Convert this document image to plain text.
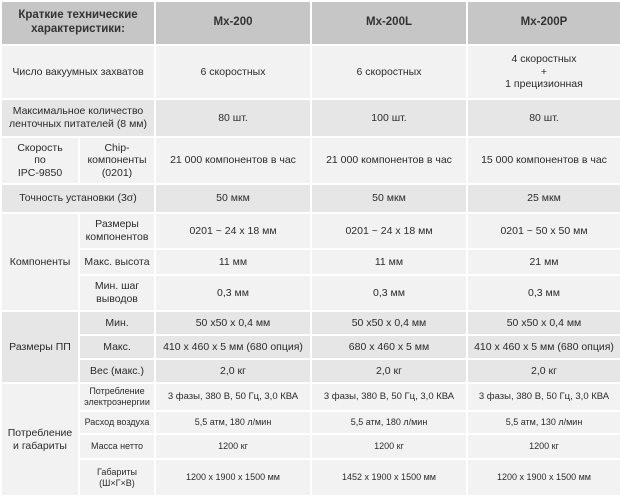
Краткие технические
характеристики:		Mx-200	Mx-200L	Mx-200P
Число вакуумных захватов		6 скоростных	6 скоростных	4 скоростных
+
1 прецизионная
Максимальное количество
ленточных питателей (8 мм)		80 шт.	100 шт.	80 шт.
Скорость
по
IPC-9850	Chip-
компоненты
(0201)	21 000 компонентов в час	21 000 компонентов в час	15 000 компонентов в час
Точность установки (3σ)		50 мкм	50 мкм	25 мкм
Компоненты	Размеры
компонентов	0201 ~ 24 x 18 мм	0201 ~ 24 x 18 мм	0201 ~ 50 x 50 мм
	Макс. высота	11 мм	11 мм	21 мм
	Мин. шаг
выводов	0,3 мм	0,3 мм	0,3 мм
Размеры ПП	Мин.	50 x50 x 0,4 мм	50 x50 x 0,4 мм	50 x50 x 0,4 мм
	Макс.	410 x 460 x 5 мм (680 опция)	680 x 460 x 5 мм	410 x 460 x 5 мм (680 опция)
	Вес (макс.)	2,0 кг	2,0 кг	2,0 кг
Потребление
и габариты	Потребление
электроэнергии	3 фазы, 380 В, 50 Гц, 3,0 КВА	3 фазы, 380 В, 50 Гц, 3,0 КВА	3 фазы, 380 В, 50 Гц, 3,0 КВА
	Расход воздуха	5,5 атм, 180 л/мин	5,5 атм, 180 л/мин	5,5 атм, 130 л/мин
	Масса нетто	1200 кг	1200 кг	1200 кг
	Габариты
(Ш×Г×В)	1200 x 1900 x 1500 мм	1452 x 1900 x 1500 мм	1200 x 1900 x 1500 мм
